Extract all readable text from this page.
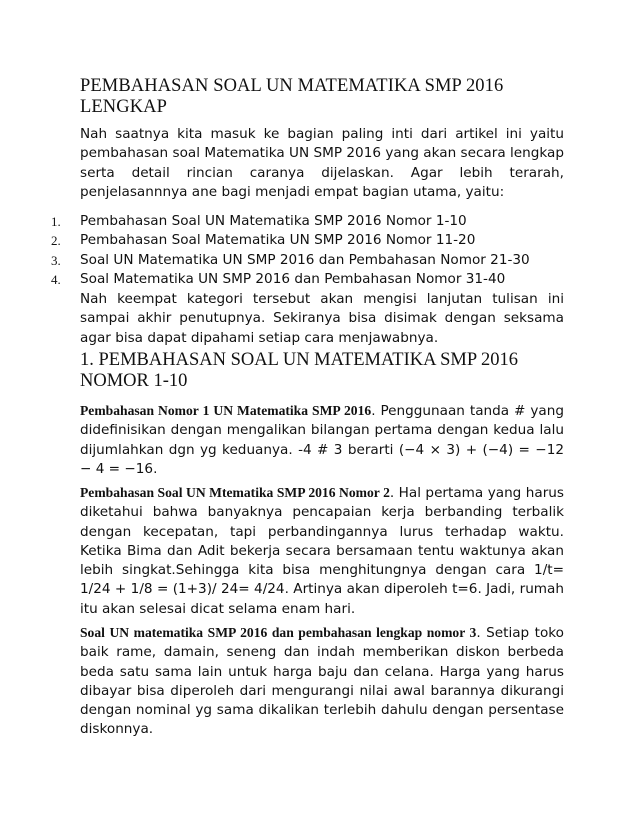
PEMBAHASAN SOAL UN MATEMATIKA SMP 2016 LENGKAP

Nah saatnya kita masuk ke bagian paling inti dari artikel ini yaitu pembahasan soal Matematika UN SMP 2016 yang akan secara lengkap serta detail rincian caranya dijelaskan. Agar lebih terarah, penjelasannnya ane bagi menjadi empat bagian utama, yaitu:

1. Pembahasan Soal UN Matematika SMP 2016 Nomor 1-10
2. Pembahasan Soal Matematika UN SMP 2016 Nomor 11-20
3. Soal UN Matematika UN SMP 2016 dan Pembahasan Nomor 21-30
4. Soal Matematika UN SMP 2016 dan Pembahasan Nomor 31-40

Nah keempat kategori tersebut akan mengisi lanjutan tulisan ini sampai akhir penutupnya. Sekiranya bisa disimak dengan seksama agar bisa dapat dipahami setiap cara menjawabnya.

1. PEMBAHASAN SOAL UN MATEMATIKA SMP 2016 NOMOR 1-10

Pembahasan Nomor 1 UN Matematika SMP 2016. Penggunaan tanda # yang didefinisikan dengan mengalikan bilangan pertama dengan kedua lalu dijumlahkan dgn yg keduanya. -4 # 3 berarti (−4 × 3) + (−4) = −12 − 4 = −16.

Pembahasan Soal UN Mtematika SMP 2016 Nomor 2. Hal pertama yang harus diketahui bahwa banyaknya pencapaian kerja berbanding terbalik dengan kecepatan, tapi perbandingannya lurus terhadap waktu. Ketika Bima dan Adit bekerja secara bersamaan tentu waktunya akan lebih singkat.Sehingga kita bisa menghitungnya dengan cara 1/t= 1/24 + 1/8 = (1+3)/ 24= 4/24. Artinya akan diperoleh t=6. Jadi, rumah itu akan selesai dicat selama enam hari.

Soal UN matematika SMP 2016 dan pembahasan lengkap nomor 3. Setiap toko baik rame, damain, seneng dan indah memberikan diskon berbeda beda satu sama lain untuk harga baju dan celana. Harga yang harus dibayar bisa diperoleh dari mengurangi nilai awal barannya dikurangi dengan nominal yg sama dikalikan terlebih dahulu dengan persentase diskonnya.
